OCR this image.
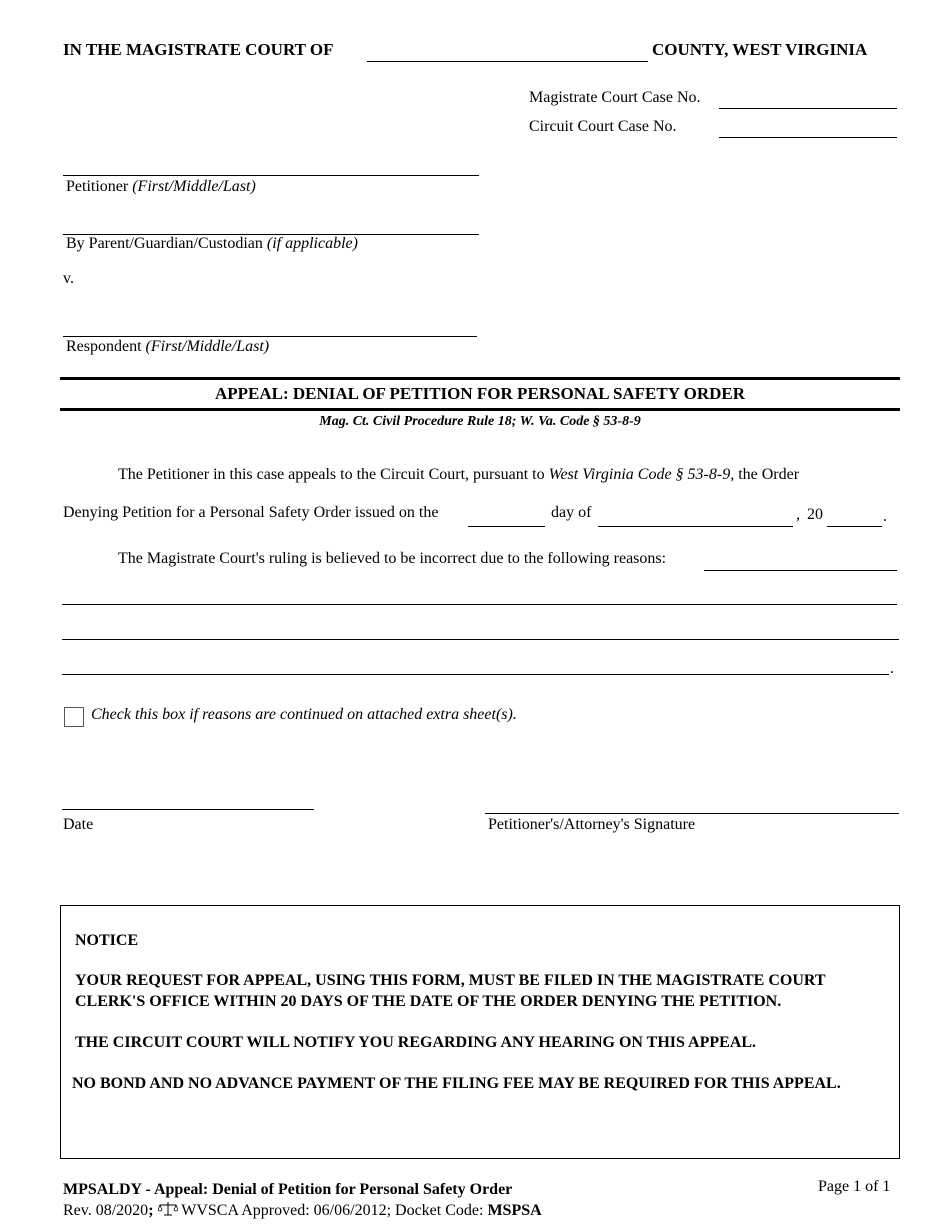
IN THE MAGISTRATE COURT OF	COUNTY, WEST VIRGINIA
Magistrate Court Case No.
Circuit Court Case No.
Petitioner (First/Middle/Last)
By Parent/Guardian/Custodian (if applicable)
v.
Respondent (First/Middle/Last)
APPEAL: DENIAL OF PETITION FOR PERSONAL SAFETY ORDER
Mag. Ct. Civil Procedure Rule 18; W. Va. Code § 53-8-9
The Petitioner in this case appeals to the Circuit Court, pursuant to West Virginia Code § 53-8-9, the Order
Denying Petition for a Personal Safety Order issued on the	day of	, 20	.
The Magistrate Court's ruling is believed to be incorrect due to the following reasons:
.
Check this box if reasons are continued on attached extra sheet(s).
Date	Petitioner's/Attorney's Signature

NOTICE

YOUR REQUEST FOR APPEAL, USING THIS FORM, MUST BE FILED IN THE MAGISTRATE COURT CLERK'S OFFICE WITHIN 20 DAYS OF THE DATE OF THE ORDER DENYING THE PETITION.

THE CIRCUIT COURT WILL NOTIFY YOU REGARDING ANY HEARING ON THIS APPEAL.

NO BOND AND NO ADVANCE PAYMENT OF THE FILING FEE MAY BE REQUIRED FOR THIS APPEAL.

MPSALDY - Appeal: Denial of Petition for Personal Safety Order	Page 1 of 1
Rev. 08/2020; WVSCA Approved: 06/06/2012; Docket Code: MSPSA
